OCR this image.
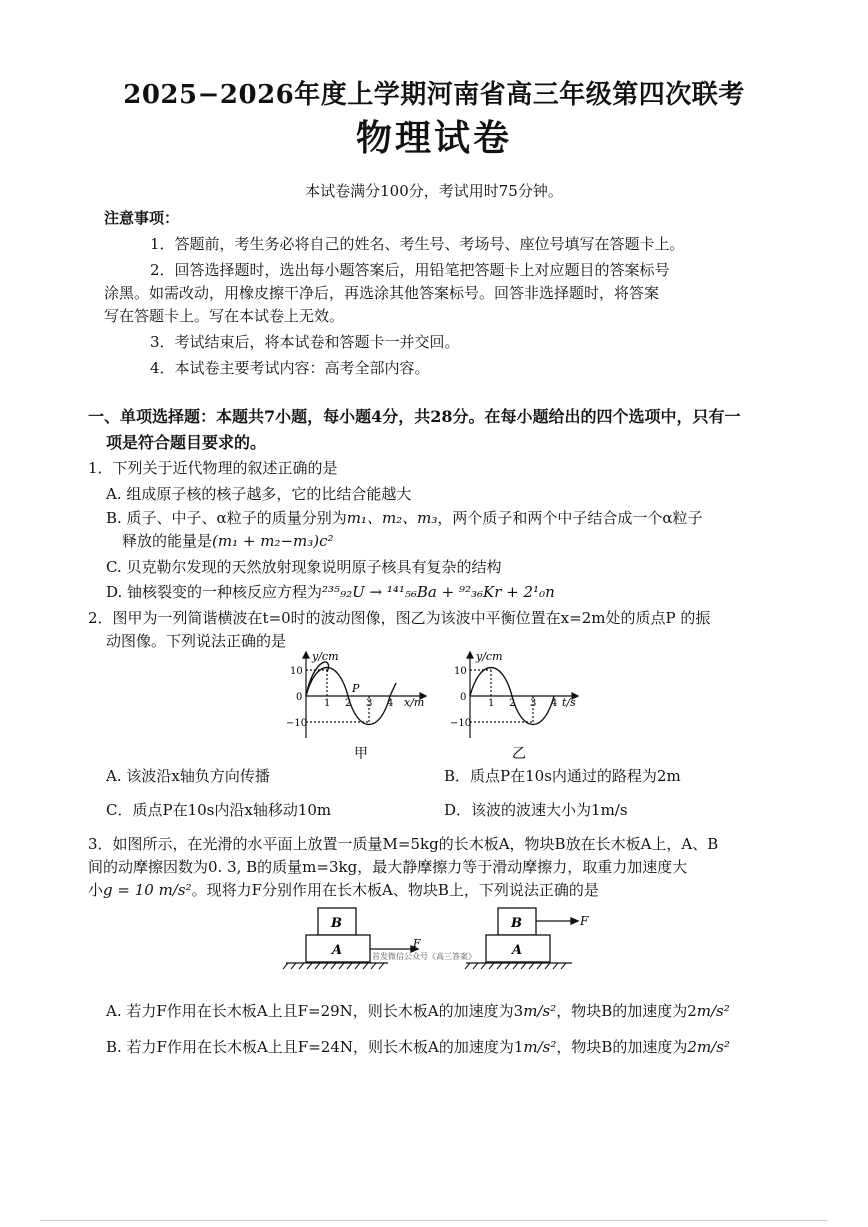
2025−2026年度上学期河南省高三年级第四次联考
物理试卷
本试卷满分100分，考试用时75分钟。
注意事项：
1．答题前，考生务必将自己的姓名、考生号、考场号、座位号填写在答题卡上。
2．回答选择题时，选出每小题答案后，用铅笔把答题卡上对应题目的答案标号
涂黑。如需改动，用橡皮擦干净后，再选涂其他答案标号。回答非选择题时，将答案
写在答题卡上。写在本试卷上无效。
3．考试结束后，将本试卷和答题卡一并交回。
4．本试卷主要考试内容：高考全部内容。
一、单项选择题：本题共7小题，每小题4分，共28分。在每小题给出的四个选项中，只有一
项是符合题目要求的。
1．下列关于近代物理的叙述正确的是
A. 组成原子核的核子越多，它的比结合能越大
B. 质子、中子、α粒子的质量分别为m₁、m₂、m₃，两个质子和两个中子结合成一个α粒子
释放的能量是(m₁ + m₂−m₃)c²
C. 贝克勒尔发现的天然放射现象说明原子核具有复杂的结构
D. 铀核裂变的一种核反应方程为²³⁵₉₂U → ¹⁴¹₅₆Ba + ⁹²₃₆Kr + 2¹₀n
2．图甲为一列简谐横波在t=0时的波动图像，图乙为该波中平衡位置在x=2m处的质点P 的振
动图像。下列说法正确的是
y/cm
x/m
10
0
−10
1 2 3 4
P
甲
y/cm
t/s
10
0
−10
1 2 3 4
乙
A. 该波沿x轴负方向传播	B．质点P在10s内通过的路程为2m
C．质点P在10s内沿x轴移动10m	D．该波的波速大小为1m/s
3．如图所示，在光滑的水平面上放置一质量M=5kg的长木板A，物块B放在长木板A上，A、B
间的动摩擦因数为0. 3, B的质量m=3kg，最大静摩擦力等于滑动摩擦力，取重力加速度大
小g = 10 m/s²。现将力F分别作用在长木板A、物块B上，下列说法正确的是
B
A	F
B
A
F
首发微信公众号《高三答案》
A. 若力F作用在长木板A上且F=29N，则长木板A的加速度为3m/s²，物块B的加速度为2m/s²
B. 若力F作用在长木板A上且F=24N，则长木板A的加速度为1m/s²，物块B的加速度为2m/s²
